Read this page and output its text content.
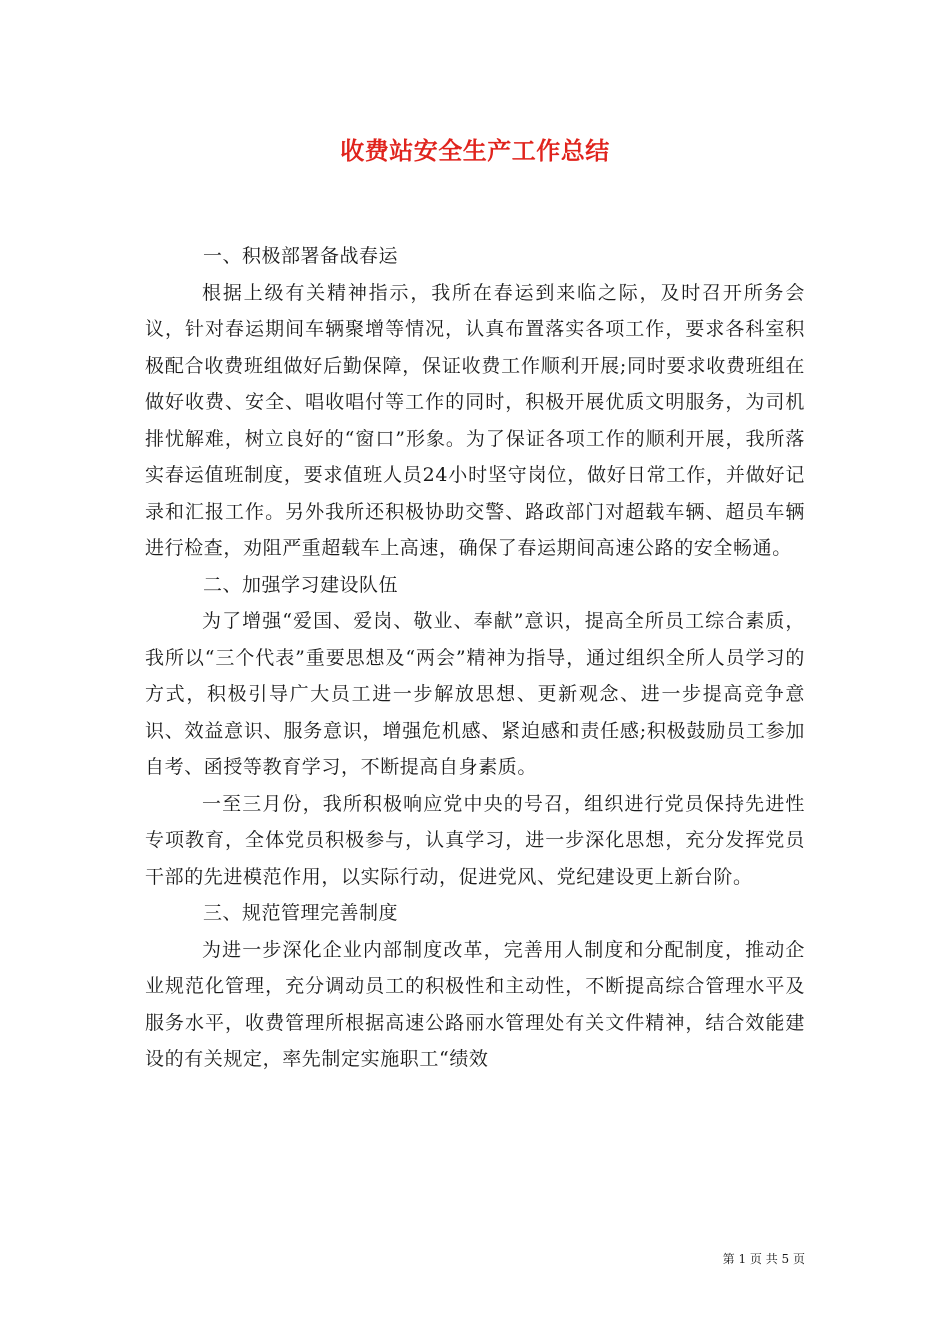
收费站安全生产工作总结

一、积极部署备战春运

根据上级有关精神指示，我所在春运到来临之际，及时召开所务会议，针对春运期间车辆聚增等情况，认真布置落实各项工作，要求各科室积极配合收费班组做好后勤保障，保证收费工作顺利开展;同时要求收费班组在做好收费、安全、唱收唱付等工作的同时，积极开展优质文明服务，为司机排忧解难，树立良好的“窗口”形象。为了保证各项工作的顺利开展，我所落实春运值班制度，要求值班人员24小时坚守岗位，做好日常工作，并做好记录和汇报工作。另外我所还积极协助交警、路政部门对超载车辆、超员车辆进行检查，劝阻严重超载车上高速，确保了春运期间高速公路的安全畅通。

二、加强学习建设队伍

为了增强“爱国、爱岗、敬业、奉献”意识，提高全所员工综合素质，我所以“三个代表”重要思想及“两会”精神为指导，通过组织全所人员学习的方式，积极引导广大员工进一步解放思想、更新观念、进一步提高竞争意识、效益意识、服务意识，增强危机感、紧迫感和责任感;积极鼓励员工参加自考、函授等教育学习，不断提高自身素质。

一至三月份，我所积极响应党中央的号召，组织进行党员保持先进性专项教育，全体党员积极参与，认真学习，进一步深化思想，充分发挥党员干部的先进模范作用，以实际行动，促进党风、党纪建设更上新台阶。

三、规范管理完善制度

为进一步深化企业内部制度改革，完善用人制度和分配制度，推动企业规范化管理，充分调动员工的积极性和主动性，不断提高综合管理水平及服务水平，收费管理所根据高速公路丽水管理处有关文件精神，结合效能建设的有关规定，率先制定实施职工“绩效

第 1 页 共 5 页
